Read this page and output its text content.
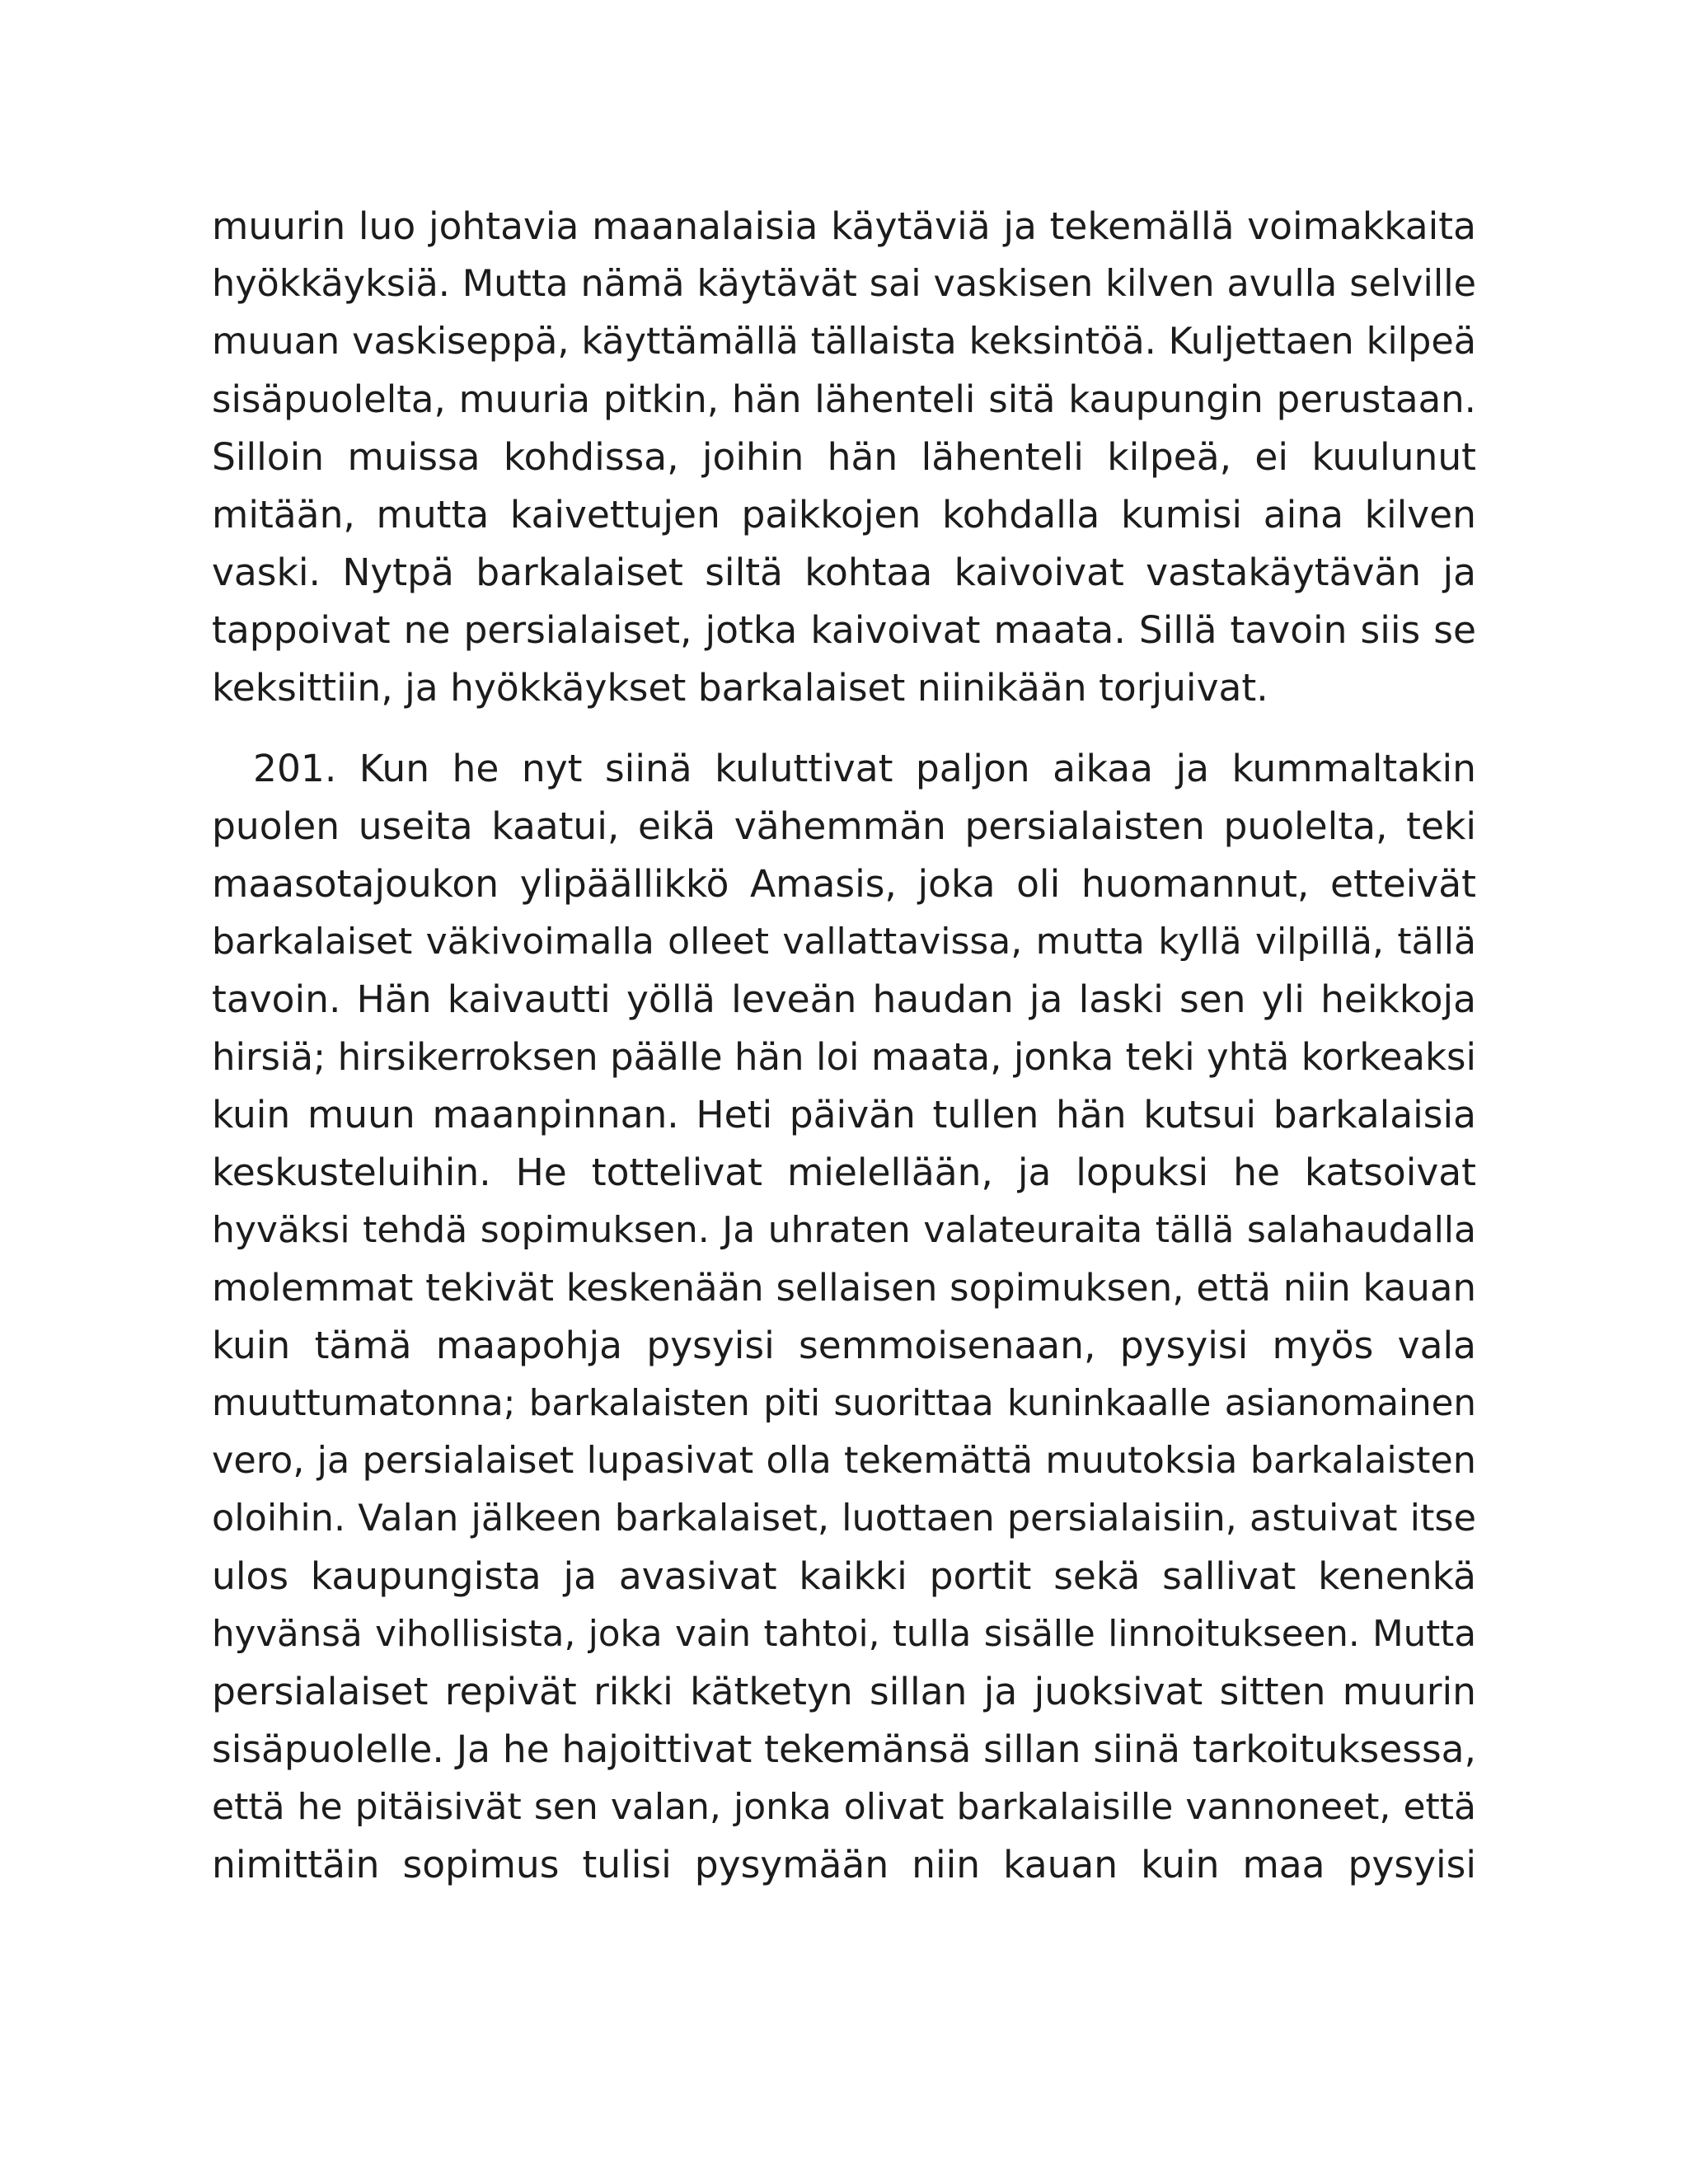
muurin luo johtavia maanalaisia käytäviä ja tekemällä voimakkaita
hyökkäyksiä. Mutta nämä käytävät sai vaskisen kilven avulla selville
muuan vaskiseppä, käyttämällä tällaista keksintöä. Kuljettaen kilpeä
sisäpuolelta, muuria pitkin, hän lähenteli sitä kaupungin perustaan.
Silloin muissa kohdissa, joihin hän lähenteli kilpeä, ei kuulunut
mitään, mutta kaivettujen paikkojen kohdalla kumisi aina kilven
vaski. Nytpä barkalaiset siltä kohtaa kaivoivat vastakäytävän ja
tappoivat ne persialaiset, jotka kaivoivat maata. Sillä tavoin siis se
keksittiin, ja hyökkäykset barkalaiset niinikään torjuivat.
201. Kun he nyt siinä kuluttivat paljon aikaa ja kummaltakin
puolen useita kaatui, eikä vähemmän persialaisten puolelta, teki
maasotajoukon ylipäällikkö Amasis, joka oli huomannut, etteivät
barkalaiset väkivoimalla olleet vallattavissa, mutta kyllä vilpillä, tällä
tavoin. Hän kaivautti yöllä leveän haudan ja laski sen yli heikkoja
hirsiä; hirsikerroksen päälle hän loi maata, jonka teki yhtä korkeaksi
kuin muun maanpinnan. Heti päivän tullen hän kutsui barkalaisia
keskusteluihin. He tottelivat mielellään, ja lopuksi he katsoivat
hyväksi tehdä sopimuksen. Ja uhraten valateuraita tällä salahaudalla
molemmat tekivät keskenään sellaisen sopimuksen, että niin kauan
kuin tämä maapohja pysyisi semmoisenaan, pysyisi myös vala
muuttumatonna; barkalaisten piti suorittaa kuninkaalle asianomainen
vero, ja persialaiset lupasivat olla tekemättä muutoksia barkalaisten
oloihin. Valan jälkeen barkalaiset, luottaen persialaisiin, astuivat itse
ulos kaupungista ja avasivat kaikki portit sekä sallivat kenenkä
hyvänsä vihollisista, joka vain tahtoi, tulla sisälle linnoitukseen. Mutta
persialaiset repivät rikki kätketyn sillan ja juoksivat sitten muurin
sisäpuolelle. Ja he hajoittivat tekemänsä sillan siinä tarkoituksessa,
että he pitäisivät sen valan, jonka olivat barkalaisille vannoneet, että
nimittäin sopimus tulisi pysymään niin kauan kuin maa pysyisi
